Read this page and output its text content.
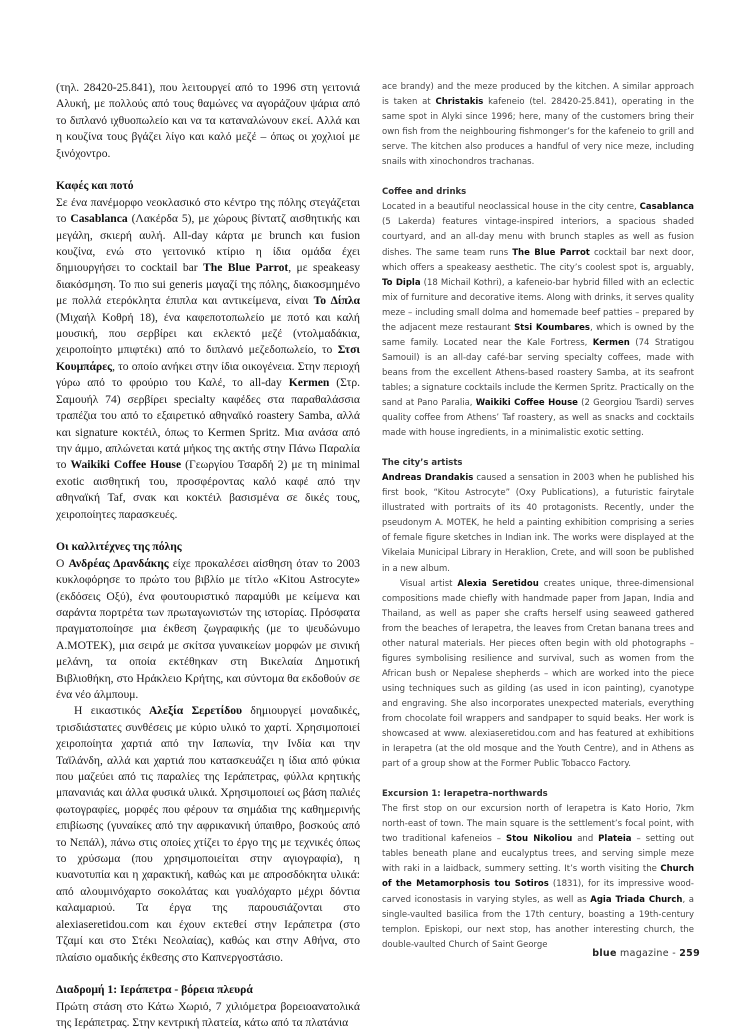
(τηλ. 28420-25.841), που λειτουργεί από το 1996 στη γειτονιά Αλυκή, με πολλούς από τους θαμώνες να αγοράζουν ψάρια από το διπλανό ιχθυοπωλείο και να τα καταναλώνουν εκεί. Αλλά και η κουζίνα τους βγάζει λίγο και καλό μεζέ – όπως οι χοχλιοί με ξινόχοντρο.

Καφές και ποτό

Σε ένα πανέμορφο νεοκλασικό στο κέντρο της πόλης στεγάζεται το Casablanca (Λακέρδα 5), με χώρους βίντατζ αισθητικής και μεγάλη, σκιερή αυλή. All-day κάρτα με brunch και fusion κουζίνα, ενώ στο γειτονικό κτίριο η ίδια ομάδα έχει δημιουργήσει το cocktail bar The Blue Parrot, με speakeasy διακόσμηση. Το πιο sui generis μαγαζί της πόλης, διακοσμημένο με πολλά ετερόκλητα έπιπλα και αντικείμενα, είναι Το Δίπλα (Μιχαήλ Κοθρή 18), ένα καφεποτοπωλείο με ποτό και καλή μουσική, που σερβίρει και εκλεκτό μεζέ (ντολμαδάκια, χειροποίητο μπιφτέκι) από το διπλανό μεζεδοπωλείο, το Στσι Κουμπάρες, το οποίο ανήκει στην ίδια οικογένεια. Στην περιοχή γύρω από το φρούριο του Καλέ, το all-day Kermen (Στρ. Σαμουήλ 74) σερβίρει specialty καφέδες στα παραθαλάσσια τραπέζια του από το εξαιρετικό αθηναϊκό roastery Samba, αλλά και signature κοκτέιλ, όπως το Kermen Spritz. Μια ανάσα από την άμμο, απλώνεται κατά μήκος της ακτής στην Πάνω Παραλία το Waikiki Coffee House (Γεωργίου Τσαρδή 2) με τη minimal exotic αισθητική του, προσφέροντας καλό καφέ από την αθηναϊκή Taf, σνακ και κοκτέιλ βασισμένα σε δικές τους, χειροποίητες παρασκευές.

Οι καλλιτέχνες της πόλης

Ο Ανδρέας Δρανδάκης είχε προκαλέσει αίσθηση όταν το 2003 κυκλοφόρησε το πρώτο του βιβλίο με τίτλο «Kitou Astrocyte» (εκδόσεις Οξύ), ένα φουτουριστικό παραμύθι με κείμενα και σαράντα πορτρέτα των πρωταγωνιστών της ιστορίας. Πρόσφατα πραγματοποίησε μια έκθεση ζωγραφικής (με το ψευδώνυμο A.MOTEK), μια σειρά με σκίτσα γυναικείων μορφών με σινική μελάνη, τα οποία εκτέθηκαν στη Βικελαία Δημοτική Βιβλιοθήκη, στο Ηράκλειο Κρήτης, και σύντομα θα εκδοθούν σε ένα νέο άλμπουμ.

Η εικαστικός Αλεξία Σερετίδου δημιουργεί μοναδικές, τρισδιάστατες συνθέσεις με κύριο υλικό το χαρτί. Χρησιμοποιεί χειροποίητα χαρτιά από την Ιαπωνία, την Ινδία και την Ταϊλάνδη, αλλά και χαρτιά που κατασκευάζει η ίδια από φύκια που μαζεύει από τις παραλίες της Ιεράπετρας, φύλλα κρητικής μπανανιάς και άλλα φυσικά υλικά. Χρησιμοποιεί ως βάση παλιές φωτογραφίες, μορφές που φέρουν τα σημάδια της καθημερινής επιβίωσης (γυναίκες από την αφρικανική ύπαιθρο, βοσκούς από το Νεπάλ), πάνω στις οποίες χτίζει το έργο της με τεχνικές όπως το χρύσωμα (που χρησιμοποιείται στην αγιογραφία), η κυανοτυπία και η χαρακτική, καθώς και με απροσδόκητα υλικά: από αλουμινόχαρτο σοκολάτας και γυαλόχαρτο μέχρι δόντια καλαμαριού. Τα έργα της παρουσιάζονται στο alexiaseretidou.com και έχουν εκτεθεί στην Ιεράπετρα (στο Τζαμί και στο Στέκι Νεολαίας), καθώς και στην Αθήνα, στο πλαίσιο ομαδικής έκθεσης στο Καπνεργοστάσιο.

Διαδρομή 1: Ιεράπετρα - βόρεια πλευρά

Πρώτη στάση στο Κάτω Χωριό, 7 χιλιόμετρα βορειοανατολικά της Ιεράπετρας. Στην κεντρική πλατεία, κάτω από τα πλατάνια

ace brandy) and the meze produced by the kitchen. A similar approach is taken at Christakis kafeneio (tel. 28420-25.841), operating in the same spot in Alyki since 1996; here, many of the customers bring their own fish from the neighbouring fishmonger’s for the kafeneio to grill and serve. The kitchen also produces a handful of very nice meze, including snails with xinochondros trachanas.

Coffee and drinks

Located in a beautiful neoclassical house in the city centre, Casablanca (5 Lakerda) features vintage-inspired interiors, a spacious shaded courtyard, and an all-day menu with brunch staples as well as fusion dishes. The same team runs The Blue Parrot cocktail bar next door, which offers a speakeasy aesthetic. The city’s coolest spot is, arguably, To Dipla (18 Michail Kothri), a kafeneio-bar hybrid filled with an eclectic mix of furniture and decorative items. Along with drinks, it serves quality meze – including small dolma and homemade beef patties – prepared by the adjacent meze restaurant Stsi Koumbares, which is owned by the same family. Located near the Kale Fortress, Kermen (74 Stratigou Samouil) is an all-day café-bar serving specialty coffees, made with beans from the excellent Athens-based roastery Samba, at its seafront tables; a signature cocktails include the Kermen Spritz. Practically on the sand at Pano Paralia, Waikiki Coffee House (2 Georgiou Tsardi) serves quality coffee from Athens’ Taf roastery, as well as snacks and cocktails made with house ingredients, in a minimalistic exotic setting.

The city’s artists

Andreas Drandakis caused a sensation in 2003 when he published his first book, “Kitou Astrocyte” (Oxy Publications), a futuristic fairytale illustrated with portraits of its 40 protagonists. Recently, under the pseudonym A. MOTEK, he held a painting exhibition comprising a series of female figure sketches in Indian ink. The works were displayed at the Vikelaia Municipal Library in Heraklion, Crete, and will soon be published in a new album.

Visual artist Alexia Seretidou creates unique, three-dimensional compositions made chiefly with handmade paper from Japan, India and Thailand, as well as paper she crafts herself using seaweed gathered from the beaches of Ierapetra, the leaves from Cretan banana trees and other natural materials. Her pieces often begin with old photographs – figures symbolising resilience and survival, such as women from the African bush or Nepalese shepherds – which are worked into the piece using techniques such as gilding (as used in icon painting), cyanotype and engraving. She also incorporates unexpected materials, everything from chocolate foil wrappers and sandpaper to squid beaks. Her work is showcased at www. alexiaseretidou.com and has featured at exhibitions in Ierapetra (at the old mosque and the Youth Centre), and in Athens as part of a group show at the Former Public Tobacco Factory.

Excursion 1: Ierapetra–northwards

The first stop on our excursion north of Ierapetra is Kato Horio, 7km north-east of town. The main square is the settlement’s focal point, with two traditional kafeneios – Stou Nikoliou and Plateia – setting out tables beneath plane and eucalyptus trees, and serving simple meze with raki in a laidback, summery setting. It’s worth visiting the Church of the Metamorphosis tou Sotiros (1831), for its impressive wood-carved iconostasis in varying styles, as well as Agia Triada Church, a single-vaulted basilica from the 17th century, boasting a 19th-century templon. Episkopi, our next stop, has another interesting church, the double-vaulted Church of Saint George

blue magazine - 259
